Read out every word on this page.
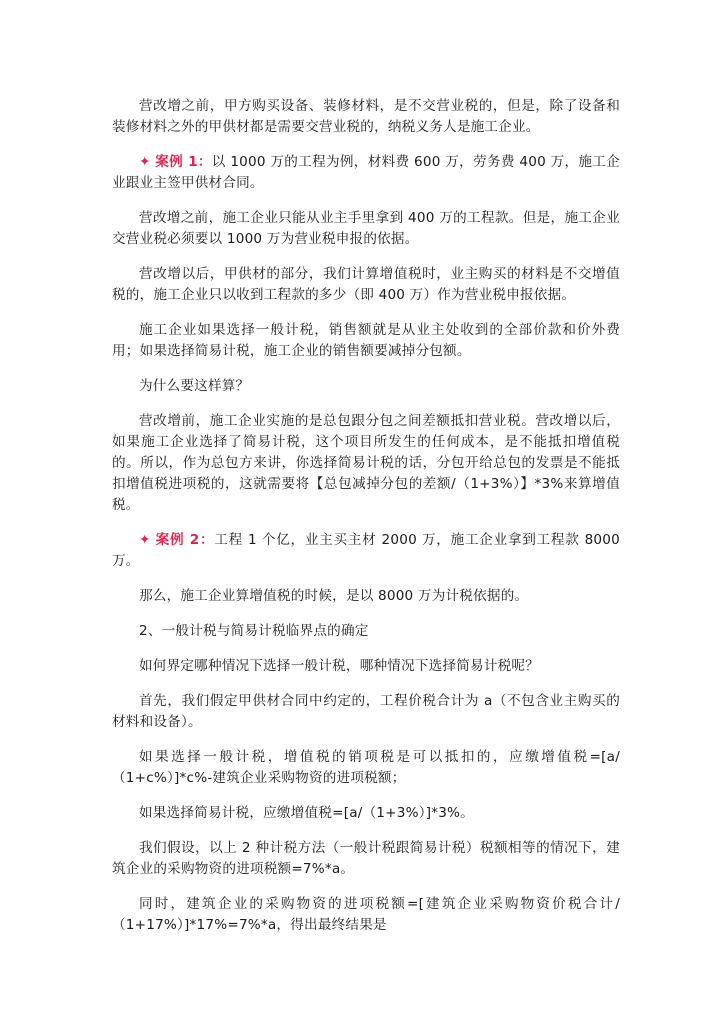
营改增之前，甲方购买设备、装修材料，是不交营业税的，但是，除了设备和装修材料之外的甲供材都是需要交营业税的，纳税义务人是施工企业。

✦ 案例 1：以 1000 万的工程为例，材料费 600 万，劳务费 400 万，施工企业跟业主签甲供材合同。

营改增之前，施工企业只能从业主手里拿到 400 万的工程款。但是，施工企业交营业税必须要以 1000 万为营业税申报的依据。

营改增以后，甲供材的部分，我们计算增值税时，业主购买的材料是不交增值税的，施工企业只以收到工程款的多少（即 400 万）作为营业税申报依据。

施工企业如果选择一般计税，销售额就是从业主处收到的全部价款和价外费用；如果选择简易计税，施工企业的销售额要减掉分包额。

为什么要这样算？

营改增前，施工企业实施的是总包跟分包之间差额抵扣营业税。营改增以后，如果施工企业选择了简易计税，这个项目所发生的任何成本，是不能抵扣增值税的。所以，作为总包方来讲，你选择简易计税的话，分包开给总包的发票是不能抵扣增值税进项税的，这就需要将【总包减掉分包的差额/（1+3%）】*3%来算增值税。

✦ 案例 2：工程 1 个亿，业主买主材 2000 万，施工企业拿到工程款 8000 万。

那么，施工企业算增值税的时候，是以 8000 万为计税依据的。

2、一般计税与简易计税临界点的确定

如何界定哪种情况下选择一般计税，哪种情况下选择简易计税呢？

首先，我们假定甲供材合同中约定的，工程价税合计为 a（不包含业主购买的材料和设备）。

如果选择一般计税，增值税的销项税是可以抵扣的，应缴增值税=[a/（1+c%）]*c%-建筑企业采购物资的进项税额；

如果选择简易计税，应缴增值税=[a/（1+3%）]*3%。

我们假设，以上 2 种计税方法（一般计税跟简易计税）税额相等的情况下，建筑企业的采购物资的进项税额=7%*a。

同时，建筑企业的采购物资的进项税额=[建筑企业采购物资价税合计/（1+17%）]*17%=7%*a，得出最终结果是
